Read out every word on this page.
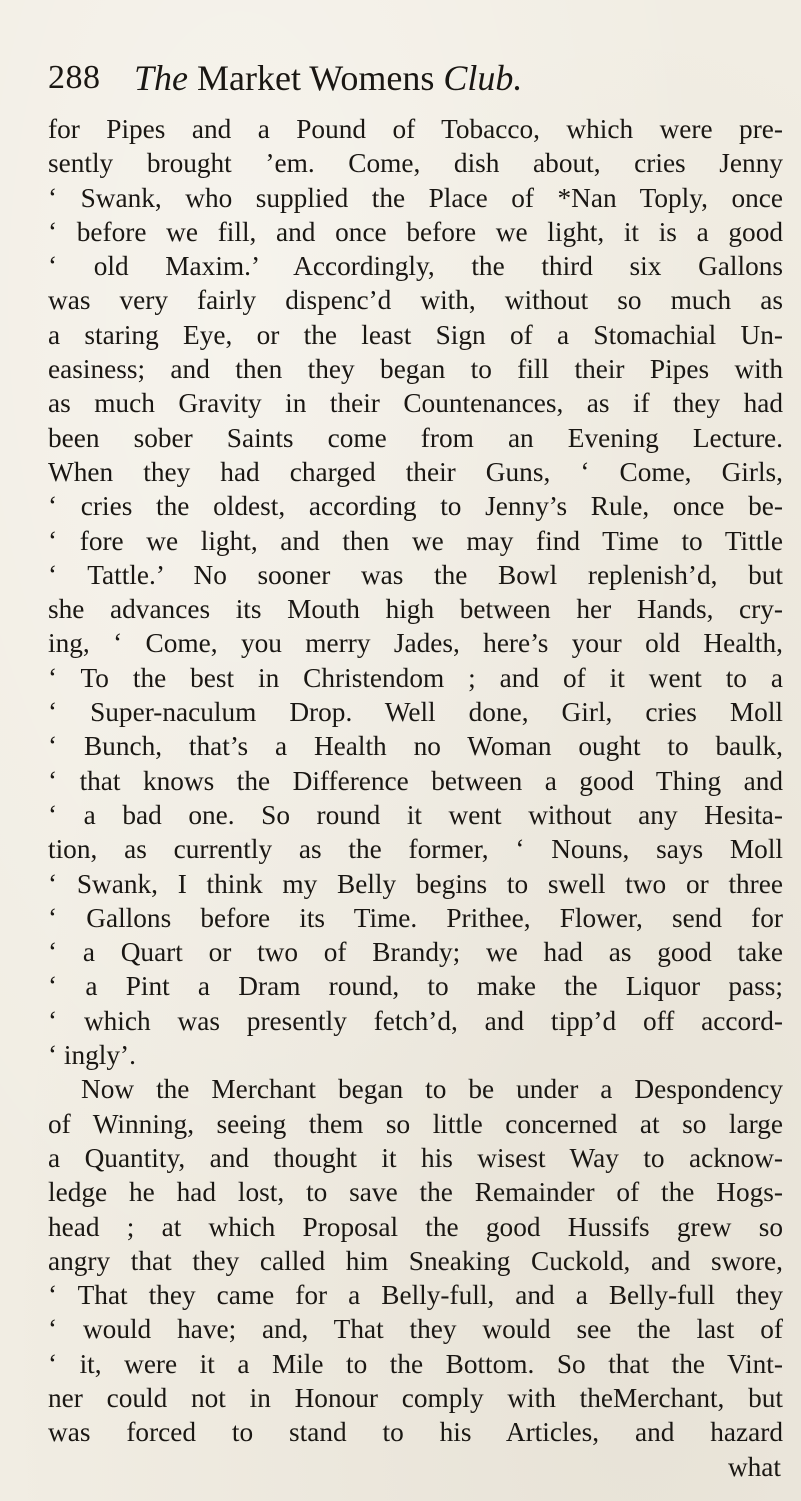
288 The Market Womens Club.
for Pipes and a Pound of Tobacco, which were pre-
sently brought ’em. Come, dish about, cries Jenny
‘ Swank, who supplied the Place of *Nan Toply, once
‘ before we fill, and once before we light, it is a good
‘ old Maxim.’ Accordingly, the third six Gallons
was very fairly dispenc’d with, without so much as
a staring Eye, or the least Sign of a Stomachial Un-
easiness; and then they began to fill their Pipes with
as much Gravity in their Countenances, as if they had
been sober Saints come from an Evening Lecture.
When they had charged their Guns, ‘ Come, Girls,
‘ cries the oldest, according to Jenny’s Rule, once be-
‘ fore we light, and then we may find Time to Tittle
‘ Tattle.’ No sooner was the Bowl replenish’d, but
she advances its Mouth high between her Hands, cry-
ing, ‘ Come, you merry Jades, here’s your old Health,
‘ To the best in Christendom ; and of it went to a
‘ Super-naculum Drop. Well done, Girl, cries Moll
‘ Bunch, that’s a Health no Woman ought to baulk,
‘ that knows the Difference between a good Thing and
‘ a bad one. So round it went without any Hesita-
tion, as currently as the former, ‘ Nouns, says Moll
‘ Swank, I think my Belly begins to swell two or three
‘ Gallons before its Time. Prithee, Flower, send for
‘ a Quart or two of Brandy; we had as good take
‘ a Pint a Dram round, to make the Liquor pass;
‘ which was presently fetch’d, and tipp’d off accord-
‘ ingly’.
Now the Merchant began to be under a Despondency
of Winning, seeing them so little concerned at so large
a Quantity, and thought it his wisest Way to acknow-
ledge he had lost, to save the Remainder of the Hogs-
head ; at which Proposal the good Hussifs grew so
angry that they called him Sneaking Cuckold, and swore,
‘ That they came for a Belly-full, and a Belly-full they
‘ would have; and, That they would see the last of
‘ it, were it a Mile to the Bottom. So that the Vint-
ner could not in Honour comply with theMerchant, but
was forced to stand to his Articles, and hazard
what
